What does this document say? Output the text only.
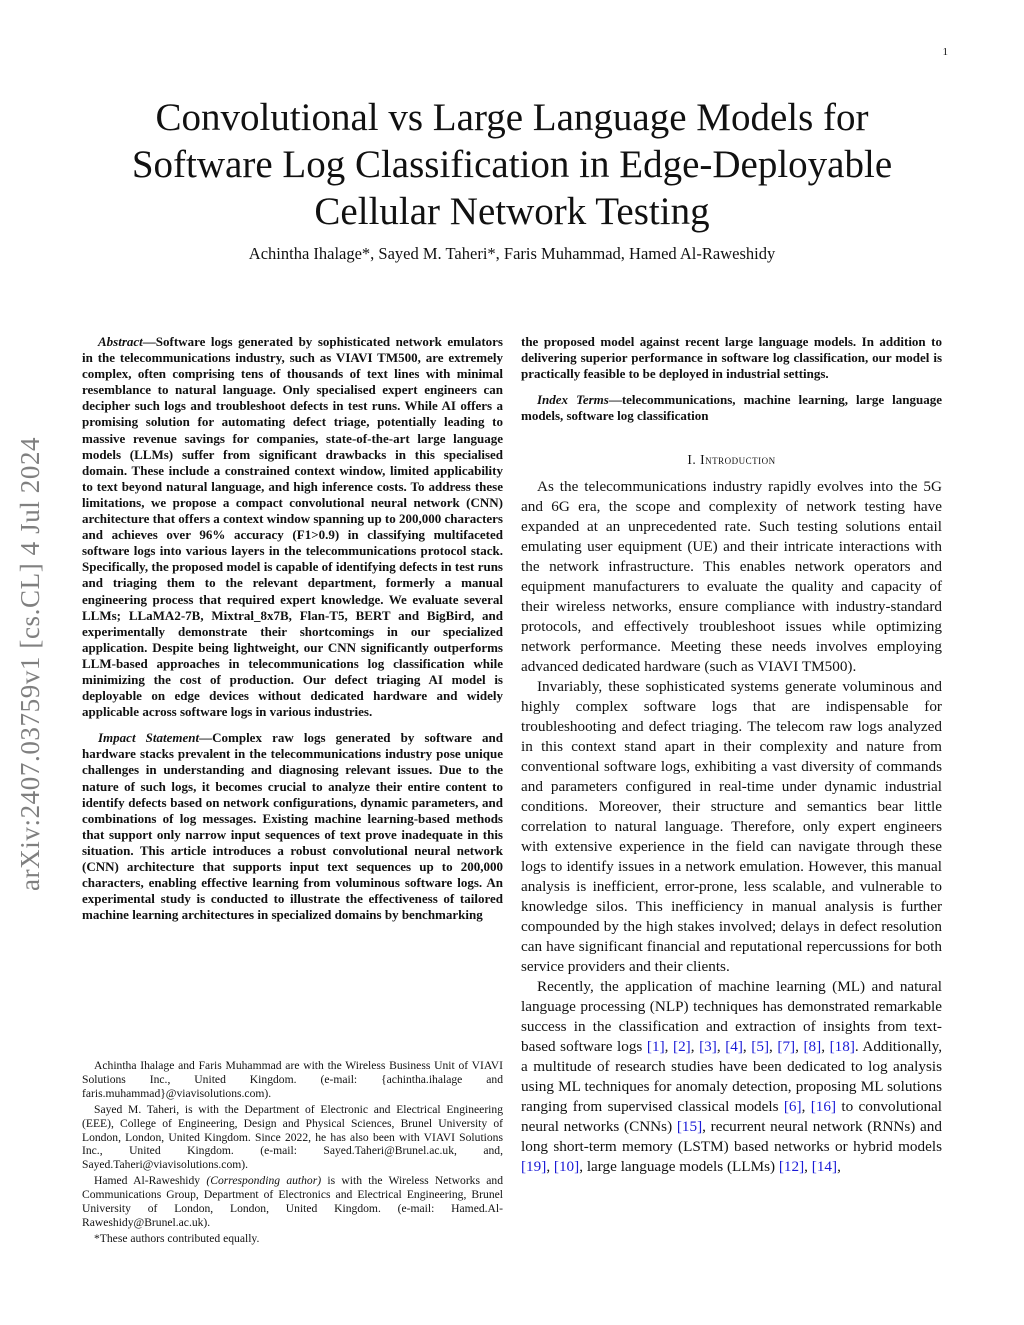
1
arXiv:2407.03759v1 [cs.CL] 4 Jul 2024
Convolutional vs Large Language Models for
Software Log Classification in Edge-Deployable
Cellular Network Testing
Achintha Ihalage*, Sayed M. Taheri*, Faris Muhammad, Hamed Al-Raweshidy

Abstract—Software logs generated by sophisticated network emulators in the telecommunications industry, such as VIAVI TM500, are extremely complex, often comprising tens of thousands of text lines with minimal resemblance to natural language. Only specialised expert engineers can decipher such logs and troubleshoot defects in test runs. While AI offers a promising solution for automating defect triage, potentially leading to massive revenue savings for companies, state-of-the-art large language models (LLMs) suffer from significant drawbacks in this specialised domain. These include a constrained context window, limited applicability to text beyond natural language, and high inference costs. To address these limitations, we propose a compact convolutional neural network (CNN) architecture that offers a context window spanning up to 200,000 characters and achieves over 96% accuracy (F1>0.9) in classifying multifaceted software logs into various layers in the telecommunications protocol stack. Specifically, the proposed model is capable of identifying defects in test runs and triaging them to the relevant department, formerly a manual engineering process that required expert knowledge. We evaluate several LLMs; LLaMA2-7B, Mixtral_8x7B, Flan-T5, BERT and BigBird, and experimentally demonstrate their shortcomings in our specialized application. Despite being lightweight, our CNN significantly outperforms LLM-based approaches in telecommunications log classification while minimizing the cost of production. Our defect triaging AI model is deployable on edge devices without dedicated hardware and widely applicable across software logs in various industries.

Impact Statement—Complex raw logs generated by software and hardware stacks prevalent in the telecommunications industry pose unique challenges in understanding and diagnosing relevant issues. Due to the nature of such logs, it becomes crucial to analyze their entire content to identify defects based on network configurations, dynamic parameters, and combinations of log messages. Existing machine learning-based methods that support only narrow input sequences of text prove inadequate in this situation. This article introduces a robust convolutional neural network (CNN) architecture that supports input text sequences up to 200,000 characters, enabling effective learning from voluminous software logs. An experimental study is conducted to illustrate the effectiveness of tailored machine learning architectures in specialized domains by benchmarking

Achintha Ihalage and Faris Muhammad are with the Wireless Business Unit of VIAVI Solutions Inc., United Kingdom. (e-mail: {achintha.ihalage and faris.muhammad}@viavisolutions.com).

Sayed M. Taheri, is with the Department of Electronic and Electrical Engineering (EEE), College of Engineering, Design and Physical Sciences, Brunel University of London, London, United Kingdom. Since 2022, he has also been with VIAVI Solutions Inc., United Kingdom. (e-mail: Sayed.Taheri@Brunel.ac.uk, and, Sayed.Taheri@viavisolutions.com).

Hamed Al-Raweshidy (Corresponding author) is with the Wireless Networks and Communications Group, Department of Electronics and Electrical Engineering, Brunel University of London, London, United Kingdom. (e-mail: Hamed.Al-Raweshidy@Brunel.ac.uk).

*These authors contributed equally.

the proposed model against recent large language models. In addition to delivering superior performance in software log classification, our model is practically feasible to be deployed in industrial settings.

Index Terms—telecommunications, machine learning, large language models, software log classification

I. Introduction

As the telecommunications industry rapidly evolves into the 5G and 6G era, the scope and complexity of network testing have expanded at an unprecedented rate. Such testing solutions entail emulating user equipment (UE) and their intricate interactions with the network infrastructure. This enables network operators and equipment manufacturers to evaluate the quality and capacity of their wireless networks, ensure compliance with industry-standard protocols, and effectively troubleshoot issues while optimizing network performance. Meeting these needs involves employing advanced dedicated hardware (such as VIAVI TM500).

Invariably, these sophisticated systems generate voluminous and highly complex software logs that are indispensable for troubleshooting and defect triaging. The telecom raw logs analyzed in this context stand apart in their complexity and nature from conventional software logs, exhibiting a vast diversity of commands and parameters configured in real-time under dynamic industrial conditions. Moreover, their structure and semantics bear little correlation to natural language. Therefore, only expert engineers with extensive experience in the field can navigate through these logs to identify issues in a network emulation. However, this manual analysis is inefficient, error-prone, less scalable, and vulnerable to knowledge silos. This inefficiency in manual analysis is further compounded by the high stakes involved; delays in defect resolution can have significant financial and reputational repercussions for both service providers and their clients.

Recently, the application of machine learning (ML) and natural language processing (NLP) techniques has demonstrated remarkable success in the classification and extraction of insights from text-based software logs [1], [2], [3], [4], [5], [7], [8], [18]. Additionally, a multitude of research studies have been dedicated to log analysis using ML techniques for anomaly detection, proposing ML solutions ranging from supervised classical models [6], [16] to convolutional neural networks (CNNs) [15], recurrent neural network (RNNs) and long short-term memory (LSTM) based networks or hybrid models [19], [10], large language models (LLMs) [12], [14],
